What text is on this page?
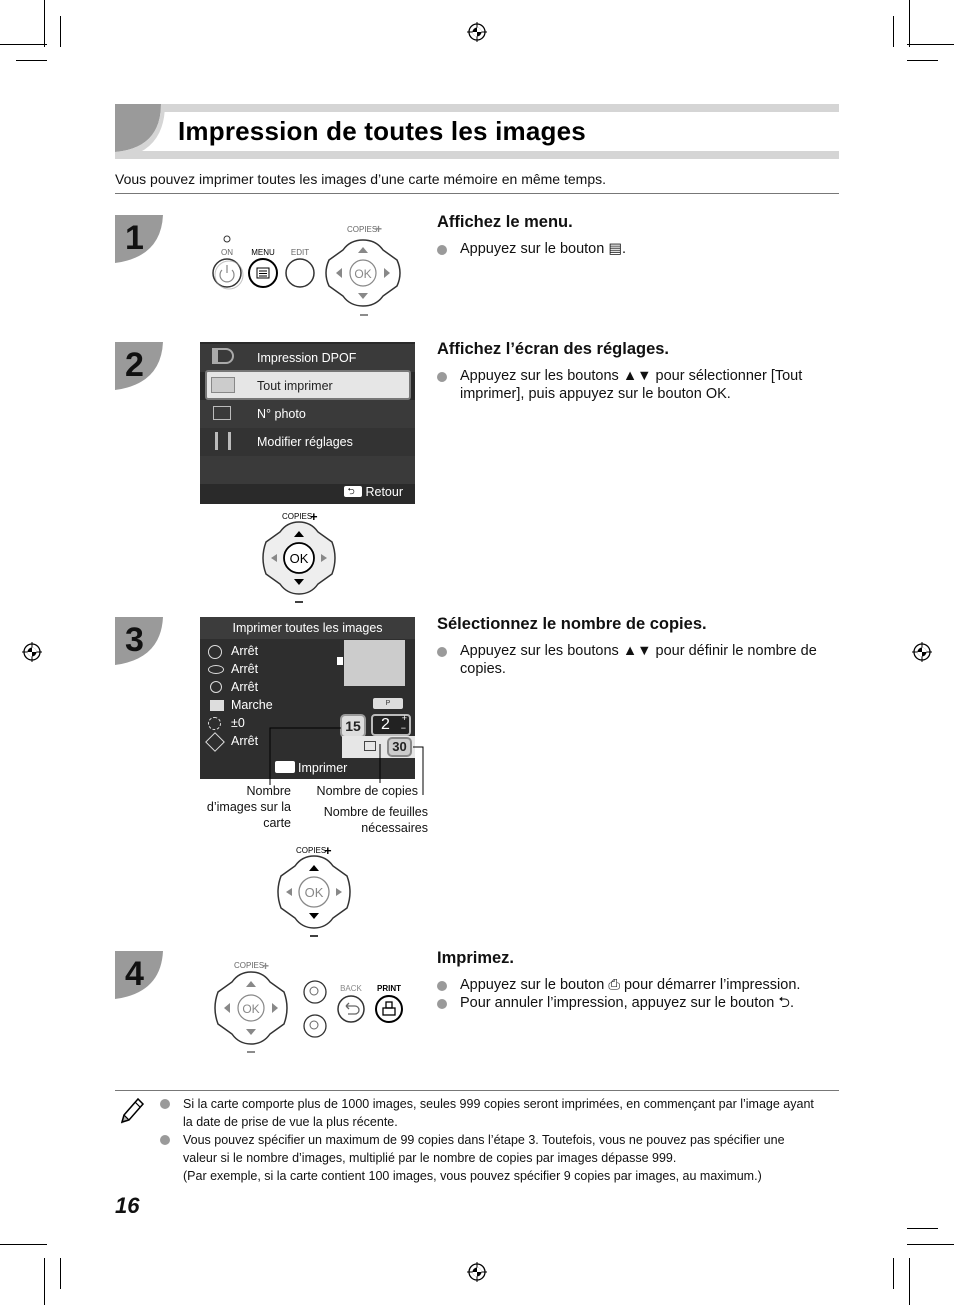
Impression de toutes les images
Vous pouvez imprimer toutes les images d’une carte mémoire en même temps.
1	ON MENU EDIT
COPIES
+
OK
Affichez le menu.
Appuyez sur le bouton ▤.
2	Impression DPOF
Tout imprimer
N° photo
Modifier réglages
⮌ Retour
COPIES
+
OK
Affichez l’écran des réglages.
Appuyez sur les boutons ▲▼ pour sélectionner [Tout imprimer], puis appuyez sur le bouton OK.
3	Imprimer toutes les images
Arrêt
Arrêt
Arrêt
Marche
±0
Arrêt
P
15	2 +
−
30
Imprimer
Nombre d’images sur la carte
Nombre de copies
Nombre de feuilles nécessaires
COPIES
+
OK
Sélectionnez le nombre de copies.
Appuyez sur les boutons ▲▼ pour définir le nombre de copies.
4	COPIES
+
OK
BACK PRINT
Imprimez.
Appuyez sur le bouton ⎙ pour démarrer l’impression.
Pour annuler l’impression, appuyez sur le bouton ⮌.
Si la carte comporte plus de 1000 images, seules 999 copies seront imprimées, en commençant par l’image ayant la date de prise de vue la plus récente.
Vous pouvez spécifier un maximum de 99 copies dans l’étape 3. Toutefois, vous ne pouvez pas spécifier une valeur si le nombre d’images, multiplié par le nombre de copies par images dépasse 999.
(Par exemple, si la carte contient 100 images, vous pouvez spécifier 9 copies par images, au maximum.)
16
